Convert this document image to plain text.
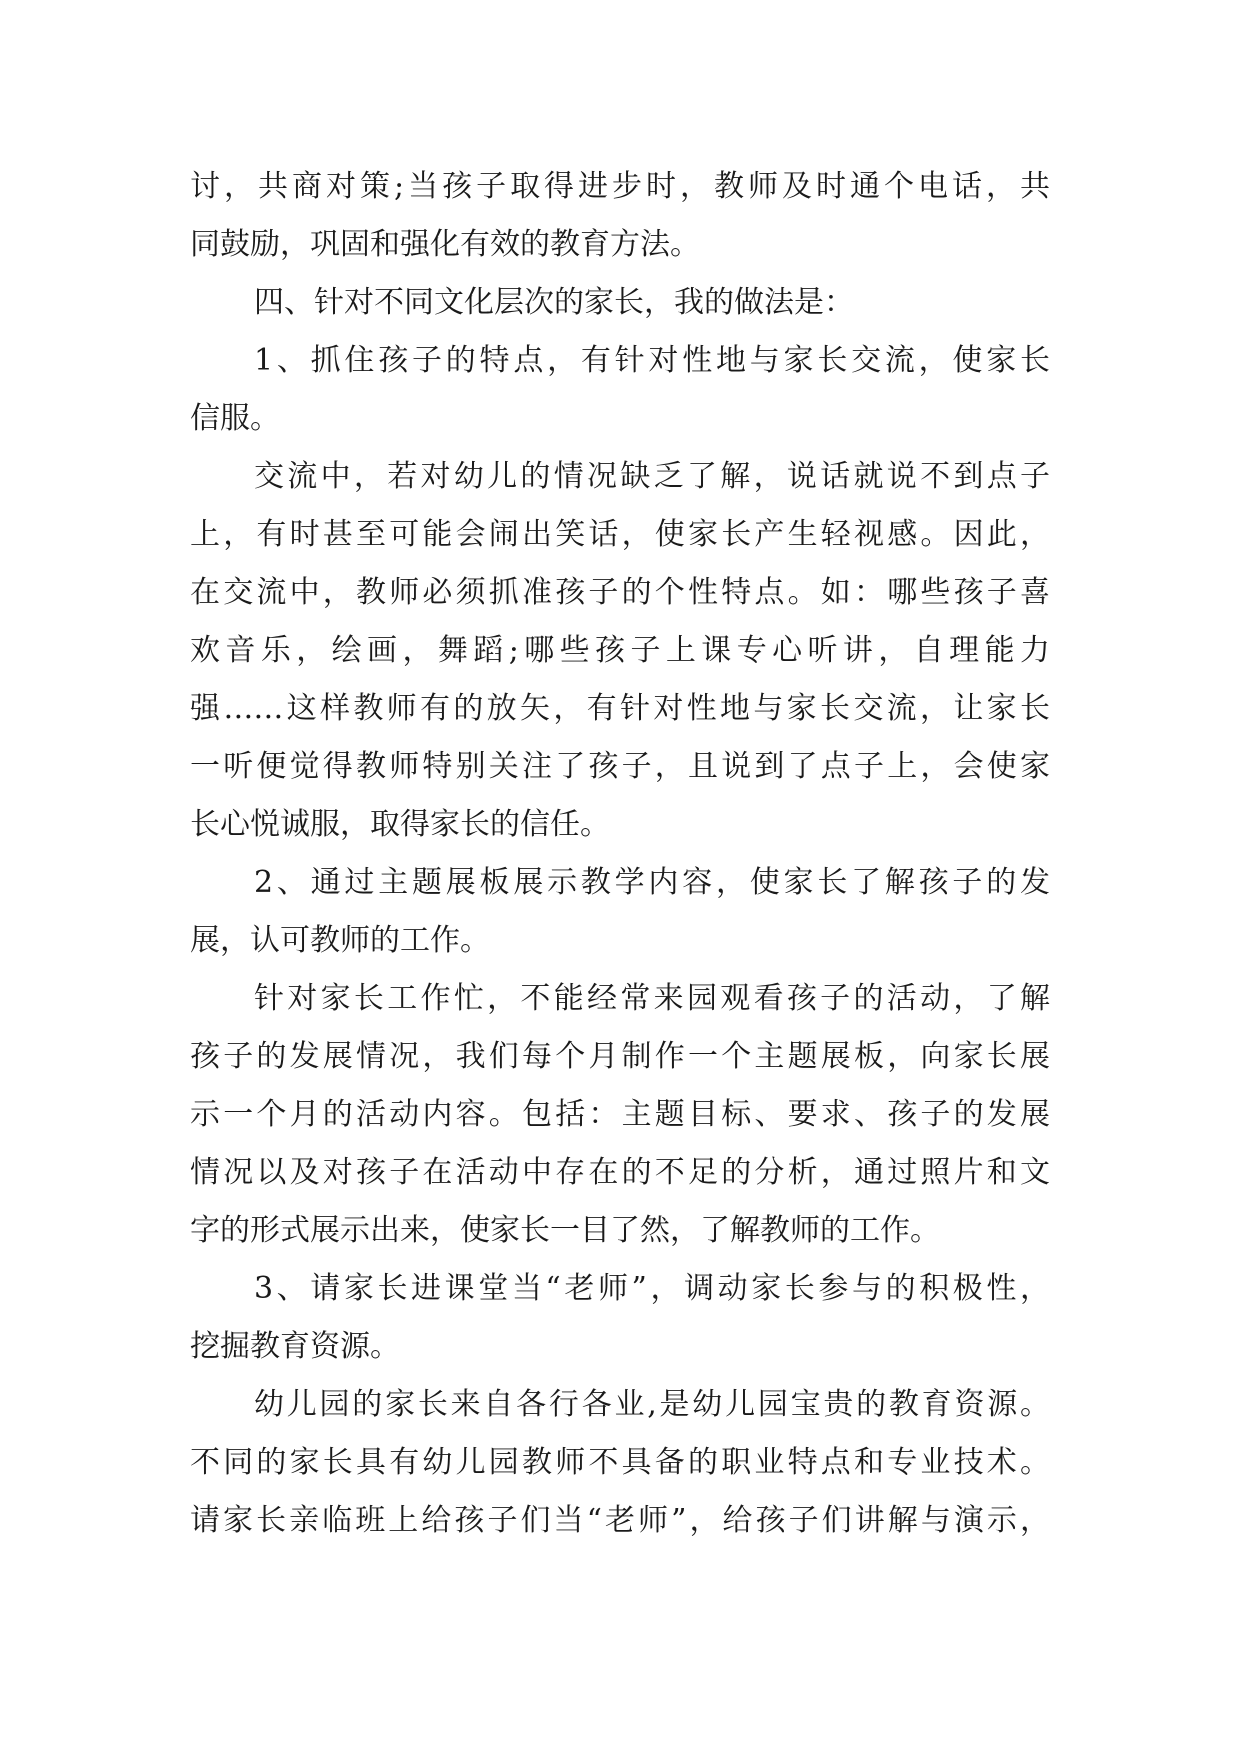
讨，共商对策;当孩子取得进步时，教师及时通个电话，共
同鼓励，巩固和强化有效的教育方法。
四、针对不同文化层次的家长，我的做法是：
1、抓住孩子的特点，有针对性地与家长交流，使家长
信服。
交流中，若对幼儿的情况缺乏了解，说话就说不到点子
上，有时甚至可能会闹出笑话，使家长产生轻视感。因此，
在交流中，教师必须抓准孩子的个性特点。如：哪些孩子喜
欢音乐，绘画，舞蹈;哪些孩子上课专心听讲，自理能力
强……这样教师有的放矢，有针对性地与家长交流，让家长
一听便觉得教师特别关注了孩子，且说到了点子上，会使家
长心悦诚服，取得家长的信任。
2、通过主题展板展示教学内容，使家长了解孩子的发
展，认可教师的工作。
针对家长工作忙，不能经常来园观看孩子的活动，了解
孩子的发展情况，我们每个月制作一个主题展板，向家长展
示一个月的活动内容。包括：主题目标、要求、孩子的发展
情况以及对孩子在活动中存在的不足的分析，通过照片和文
字的形式展示出来，使家长一目了然，了解教师的工作。
3、请家长进课堂当“老师”，调动家长参与的积极性，
挖掘教育资源。
幼儿园的家长来自各行各业,是幼儿园宝贵的教育资源。
不同的家长具有幼儿园教师不具备的职业特点和专业技术。
请家长亲临班上给孩子们当“老师”，给孩子们讲解与演示，
